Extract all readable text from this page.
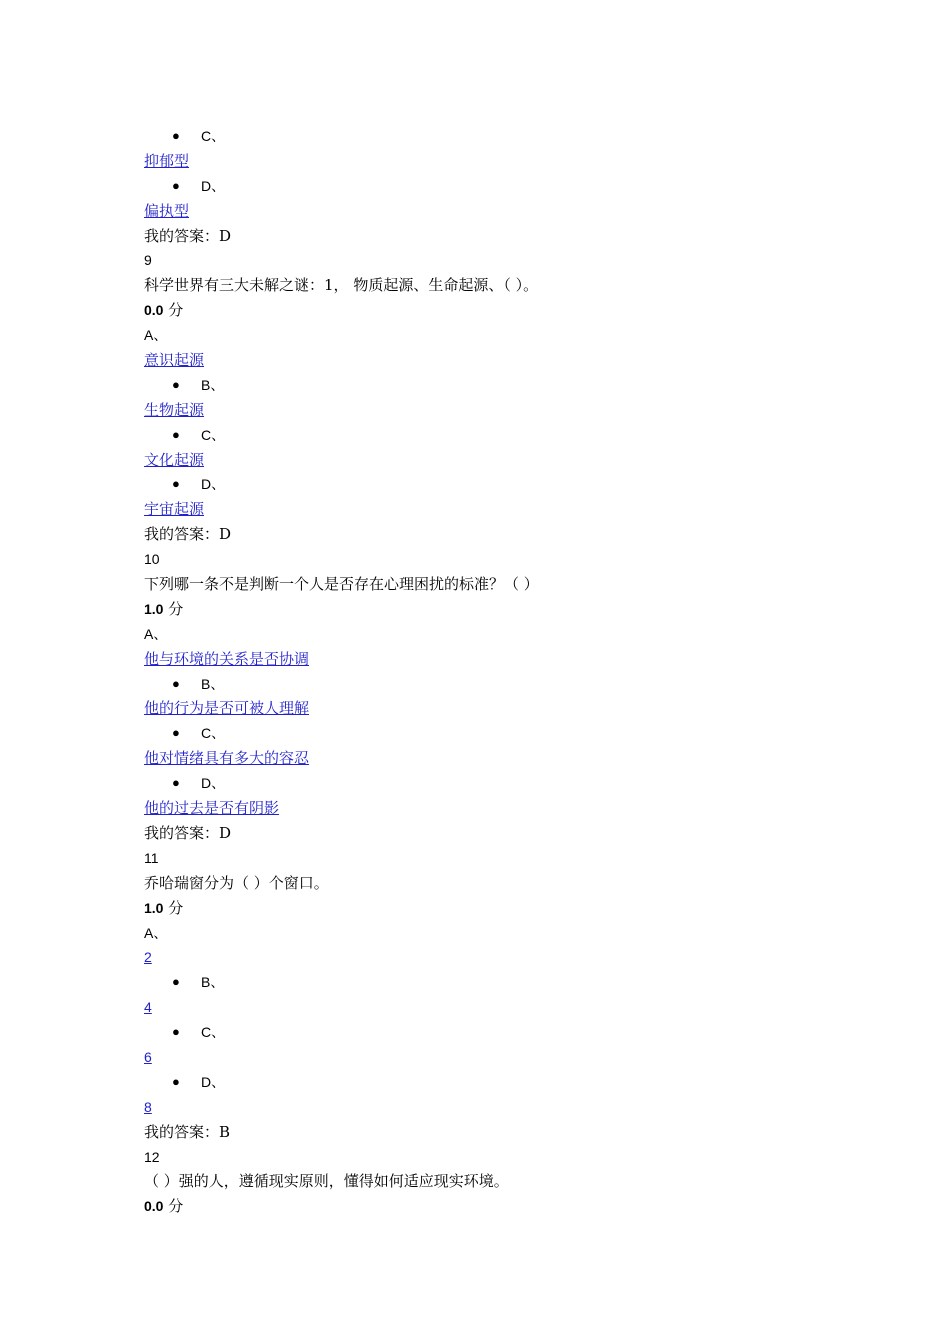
● C、
抑郁型
● D、
偏执型
我的答案：D
9
科学世界有三大未解之谜：1， 物质起源、生命起源、（ ）。
0.0 分
A、
意识起源
● B、
生物起源
● C、
文化起源
● D、
宇宙起源
我的答案：D
10
下列哪一条不是判断一个人是否存在心理困扰的标准？（ ）
1.0 分
A、
他与环境的关系是否协调
● B、
他的行为是否可被人理解
● C、
他对情绪具有多大的容忍
● D、
他的过去是否有阴影
我的答案：D
11
乔哈瑞窗分为（ ）个窗口。
1.0 分
A、
2
● B、
4
● C、
6
● D、
8
我的答案：B
12
（ ）强的人，遵循现实原则，懂得如何适应现实环境。
0.0 分
